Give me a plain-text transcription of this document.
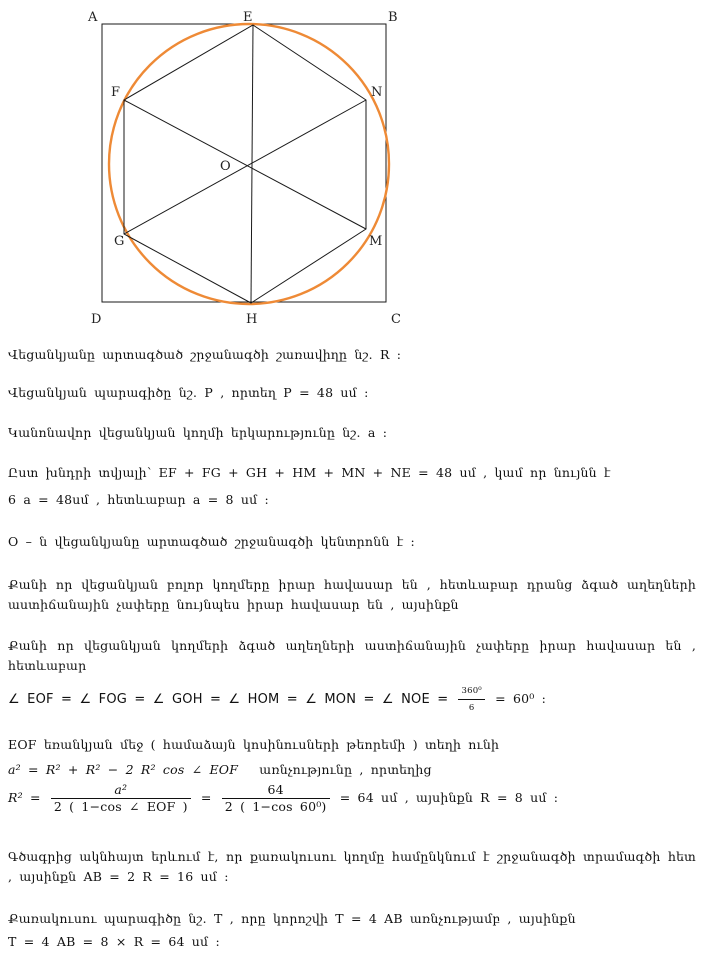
A	E	B
F	N
O
G	M
D	H	C
Վեցանկյանը արտագծած շրջանագծի շառավիղը նշ․ R :
Վեցանկյան պարագիծը նշ․ P , որտեղ P = 48 սմ :
Կանոնավոր վեցանկյան կողմի երկարությունը նշ․ a :
Ըստ խնդրի տվյալի՝ EF + FG + GH + HM + MN + NE = 48 սմ , կամ որ նույնն է
6 a = 48սմ , հետևաբար a = 8 սմ :
O – ն վեցանկյանը արտագծած շրջանագծի կենտրոնն է :
Քանի որ վեցանկյան բոլոր կողմերը իրար հավասար են , հետևաբար դրանց ձգած աղեղների աստիճանային չափերը նույնպես իրար հավասար են , այսինքն
Քանի որ վեցանկյան կողմերի ձգած աղեղների աստիճանային չափերը իրար հավասար են , հետևաբար
∠ EOF = ∠ FOG = ∠ GOH = ∠ HOM = ∠ MON = ∠ NOE = $\frac{\text{360⁰}}{6} = 60^0$ :
EOF եռանկյան մեջ ( համաձայն կոսինուսների թեորեմի ) տեղի ունի
a² = R² + R² − 2 R² cos ∠ EOF առնչությունը , որտեղից
$R^2 = \frac{\text{a²}}{\text{2 ( 1−cos ∠ EOF )}} = \frac{64}{\text{2 ( 1−cos 60⁰)}} = 64$ սմ , այսինքն R = 8 սմ :
Գծագրից ակնհայտ երևում է, որ քառակուսու կողմը համընկնում է շրջանագծի տրամագծի հետ , այսինքն AB = 2 R = 16 սմ :
Քառակուսու պարագիծը նշ․ T , որը կորոշվի T = 4 AB առնչությամբ , այսինքն
T = 4 AB = 8 × R = 64 սմ :
